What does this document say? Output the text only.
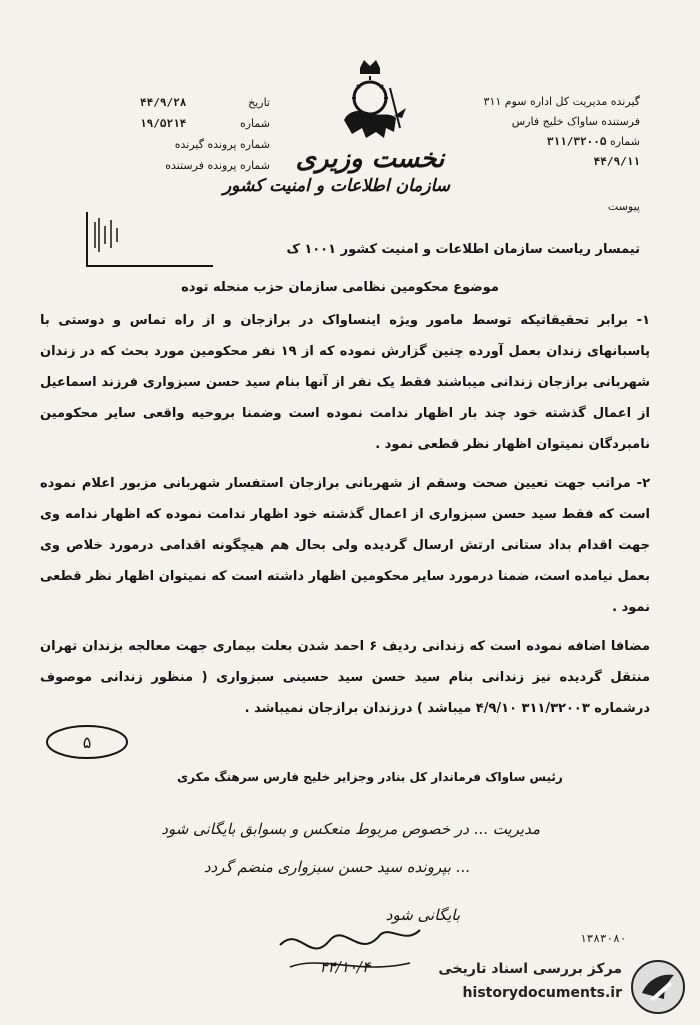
تاریخ
۴۴/۹/۲۸
شماره
۱۹/۵۲۱۴
شماره پرونده گیرنده
شماره پرونده فرستنده نخست وزیری
سازمان اطلاعات و امنیت کشور
گیرنده مدیریت کل اداره سوم ۳۱۱
فرستنده ساواک خلیج فارس
شماره ۳۱۱/۳۲۰۰۵
۴۴/۹/۱۱
پیوست
تیمسار ریاست سازمان اطلاعات و امنیت کشور ۱۰۰۱ ک
موضوع محکومین نظامی سازمان حزب منحله توده

۱- برابر تحقیقاتیکه توسط مامور ویژه اینساواک در برازجان و از راه تماس و دوستی با پاسبانهای زندان بعمل آورده چنین گزارش نموده که از ۱۹ نفر محکومین مورد بحث که در زندان شهربانی برازجان زندانی میباشند فقط یک نفر از آنها بنام سید حسن سبزواری فرزند اسماعیل از اعمال گذشته خود چند بار اظهار ندامت نموده است وضمنا بروحیه واقعی سایر محکومین نامبردگان نمیتوان اظهار نظر قطعی نمود .

۲- مراتب جهت تعیین صحت وسقم از شهربانی برازجان استفسار شهربانی مزبور اعلام نموده است که فقط سید حسن سبزواری از اعمال گذشته خود اظهار ندامت نموده که اظهار ندامه وی جهت اقدام بداد ستانی ارتش ارسال گردیده ولی بحال هم هیچگونه اقدامی درمورد خلاص وی بعمل نیامده است، ضمنا درمورد سایر محکومین اظهار داشته است که نمیتوان اظهار نظر قطعی نمود .

مضافا اضافه نموده است که زندانی ردیف ۶ احمد شدن بعلت بیماری جهت معالجه بزندان تهران منتقل گردیده نیز زندانی بنام سید حسن سید حسینی سبزواری ( منظور زندانی موصوف درشماره ۳۱۱/۳۲۰۰۳ ۴/۹/۱۰ میباشد ) درزندان برازجان نمیباشد .

۵
رئیس ساواک فرماندار کل بنادر وجزایر خلیج فارس سرهنگ مکری
مدیریت ... در خصوص مربوط منعکس و بسوابق بایگانی شود
... بپرونده سید حسن سبزواری منضم گردد
بایگانی شود
۴۴/۱۰/۴
۱۳۸۳۰۸۰
مرکز بررسی اسناد تاریخی
historydocuments.ir
